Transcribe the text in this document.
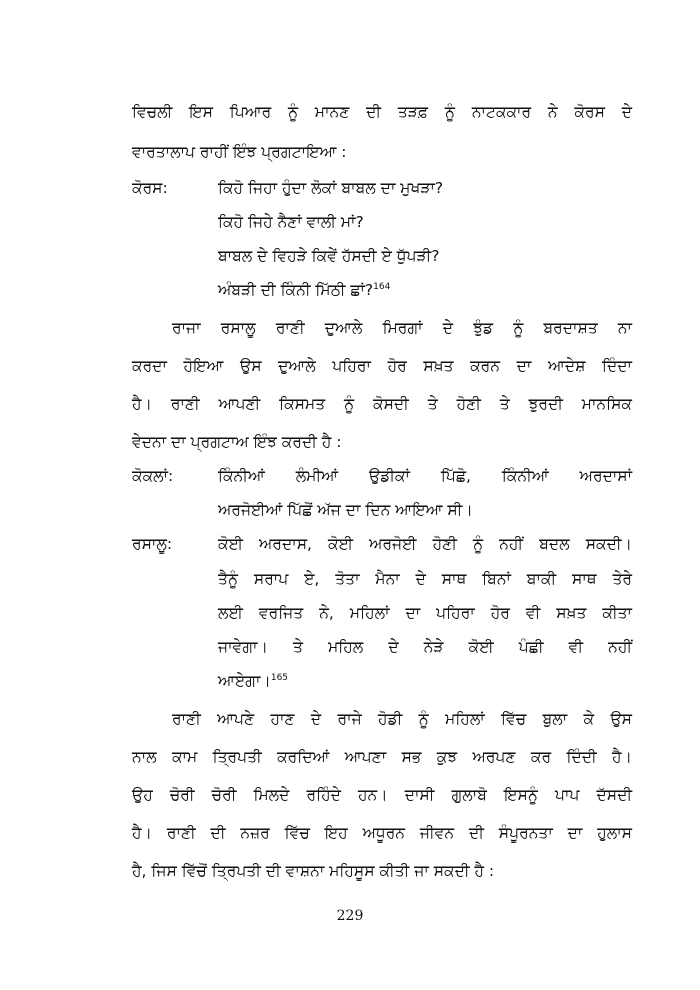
ਵਿਚਲੀ ਇਸ ਪਿਆਰ ਨੂੰ ਮਾਨਣ ਦੀ ਤੜਫ਼ ਨੂੰ ਨਾਟਕਕਾਰ ਨੇ ਕੋਰਸ ਦੇ
ਵਾਰਤਾਲਾਪ ਰਾਹੀਂ ਇੰਝ ਪ੍ਰਗਟਾਇਆ :
ਕੋਰਸ:	ਕਿਹੋ ਜਿਹਾ ਹੁੰਦਾ ਲੋਕਾਂ ਬਾਬਲ ਦਾ ਮੁਖੜਾ?
ਕਿਹੋ ਜਿਹੇ ਨੈਣਾਂ ਵਾਲੀ ਮਾਂ?
ਬਾਬਲ ਦੇ ਵਿਹੜੇ ਕਿਵੇਂ ਹੱਸਦੀ ਏ ਧੁੱਪੜੀ?
ਅੰਬੜੀ ਦੀ ਕਿੰਨੀ ਮਿੱਠੀ ਛਾਂ?$^{164}$
ਰਾਜਾ ਰਸਾਲੂ ਰਾਣੀ ਦੁਆਲੇ ਮਿਰਗਾਂ ਦੇ ਝੁੰਡ ਨੂੰ ਬਰਦਾਸ਼ਤ ਨਾ
ਕਰਦਾ ਹੋਇਆ ਉਸ ਦੁਆਲੇ ਪਹਿਰਾ ਹੋਰ ਸਖ਼ਤ ਕਰਨ ਦਾ ਆਦੇਸ਼ ਦਿੰਦਾ
ਹੈ। ਰਾਣੀ ਆਪਣੀ ਕਿਸਮਤ ਨੂੰ ਕੋਸਦੀ ਤੇ ਹੋਣੀ ਤੇ ਝੁਰਦੀ ਮਾਨਸਿਕ
ਵੇਦਨਾ ਦਾ ਪ੍ਰਗਟਾਅ ਇੰਝ ਕਰਦੀ ਹੈ :
ਕੋਕਲਾਂ:	ਕਿੰਨੀਆਂ ਲੰਮੀਆਂ ਉਡੀਕਾਂ ਪਿੱਛੋ, ਕਿੰਨੀਆਂ ਅਰਦਾਸਾਂ
ਅਰਜੋਈਆਂ ਪਿੱਛੋਂ ਅੱਜ ਦਾ ਦਿਨ ਆਇਆ ਸੀ।
ਰਸਾਲੂ:	ਕੋਈ ਅਰਦਾਸ, ਕੋਈ ਅਰਜੋਈ ਹੋਣੀ ਨੂੰ ਨਹੀਂ ਬਦਲ ਸਕਦੀ।
ਤੈਨੂੰ ਸਰਾਪ ਏ, ਤੋਤਾ ਮੈਨਾ ਦੇ ਸਾਥ ਬਿਨਾਂ ਬਾਕੀ ਸਾਥ ਤੇਰੇ
ਲਈ ਵਰਜਿਤ ਨੇ, ਮਹਿਲਾਂ ਦਾ ਪਹਿਰਾ ਹੋਰ ਵੀ ਸਖ਼ਤ ਕੀਤਾ
ਜਾਵੇਗਾ। ਤੇ ਮਹਿਲ ਦੇ ਨੇੜੇ ਕੋਈ ਪੰਛੀ ਵੀ ਨਹੀਂ
ਆਏਗਾ।$^{165}$
ਰਾਣੀ ਆਪਣੇ ਹਾਣ ਦੇ ਰਾਜੇ ਹੋਡੀ ਨੂੰ ਮਹਿਲਾਂ ਵਿੱਚ ਬੁਲਾ ਕੇ ਉਸ
ਨਾਲ ਕਾਮ ਤ੍ਰਿਪਤੀ ਕਰਦਿਆਂ ਆਪਣਾ ਸਭ ਕੁਝ ਅਰਪਣ ਕਰ ਦਿੰਦੀ ਹੈ।
ਉਹ ਚੋਰੀ ਚੋਰੀ ਮਿਲਦੇ ਰਹਿੰਦੇ ਹਨ। ਦਾਸੀ ਗੁਲਾਬੋ ਇਸਨੂੰ ਪਾਪ ਦੱਸਦੀ
ਹੈ। ਰਾਣੀ ਦੀ ਨਜ਼ਰ ਵਿੱਚ ਇਹ ਅਧੂਰਨ ਜੀਵਨ ਦੀ ਸੰਪੂਰਨਤਾ ਦਾ ਹੁਲਾਸ
ਹੈ, ਜਿਸ ਵਿੱਚੋਂ ਤ੍ਰਿਪਤੀ ਦੀ ਵਾਸ਼ਨਾ ਮਹਿਸੂਸ ਕੀਤੀ ਜਾ ਸਕਦੀ ਹੈ :
229
